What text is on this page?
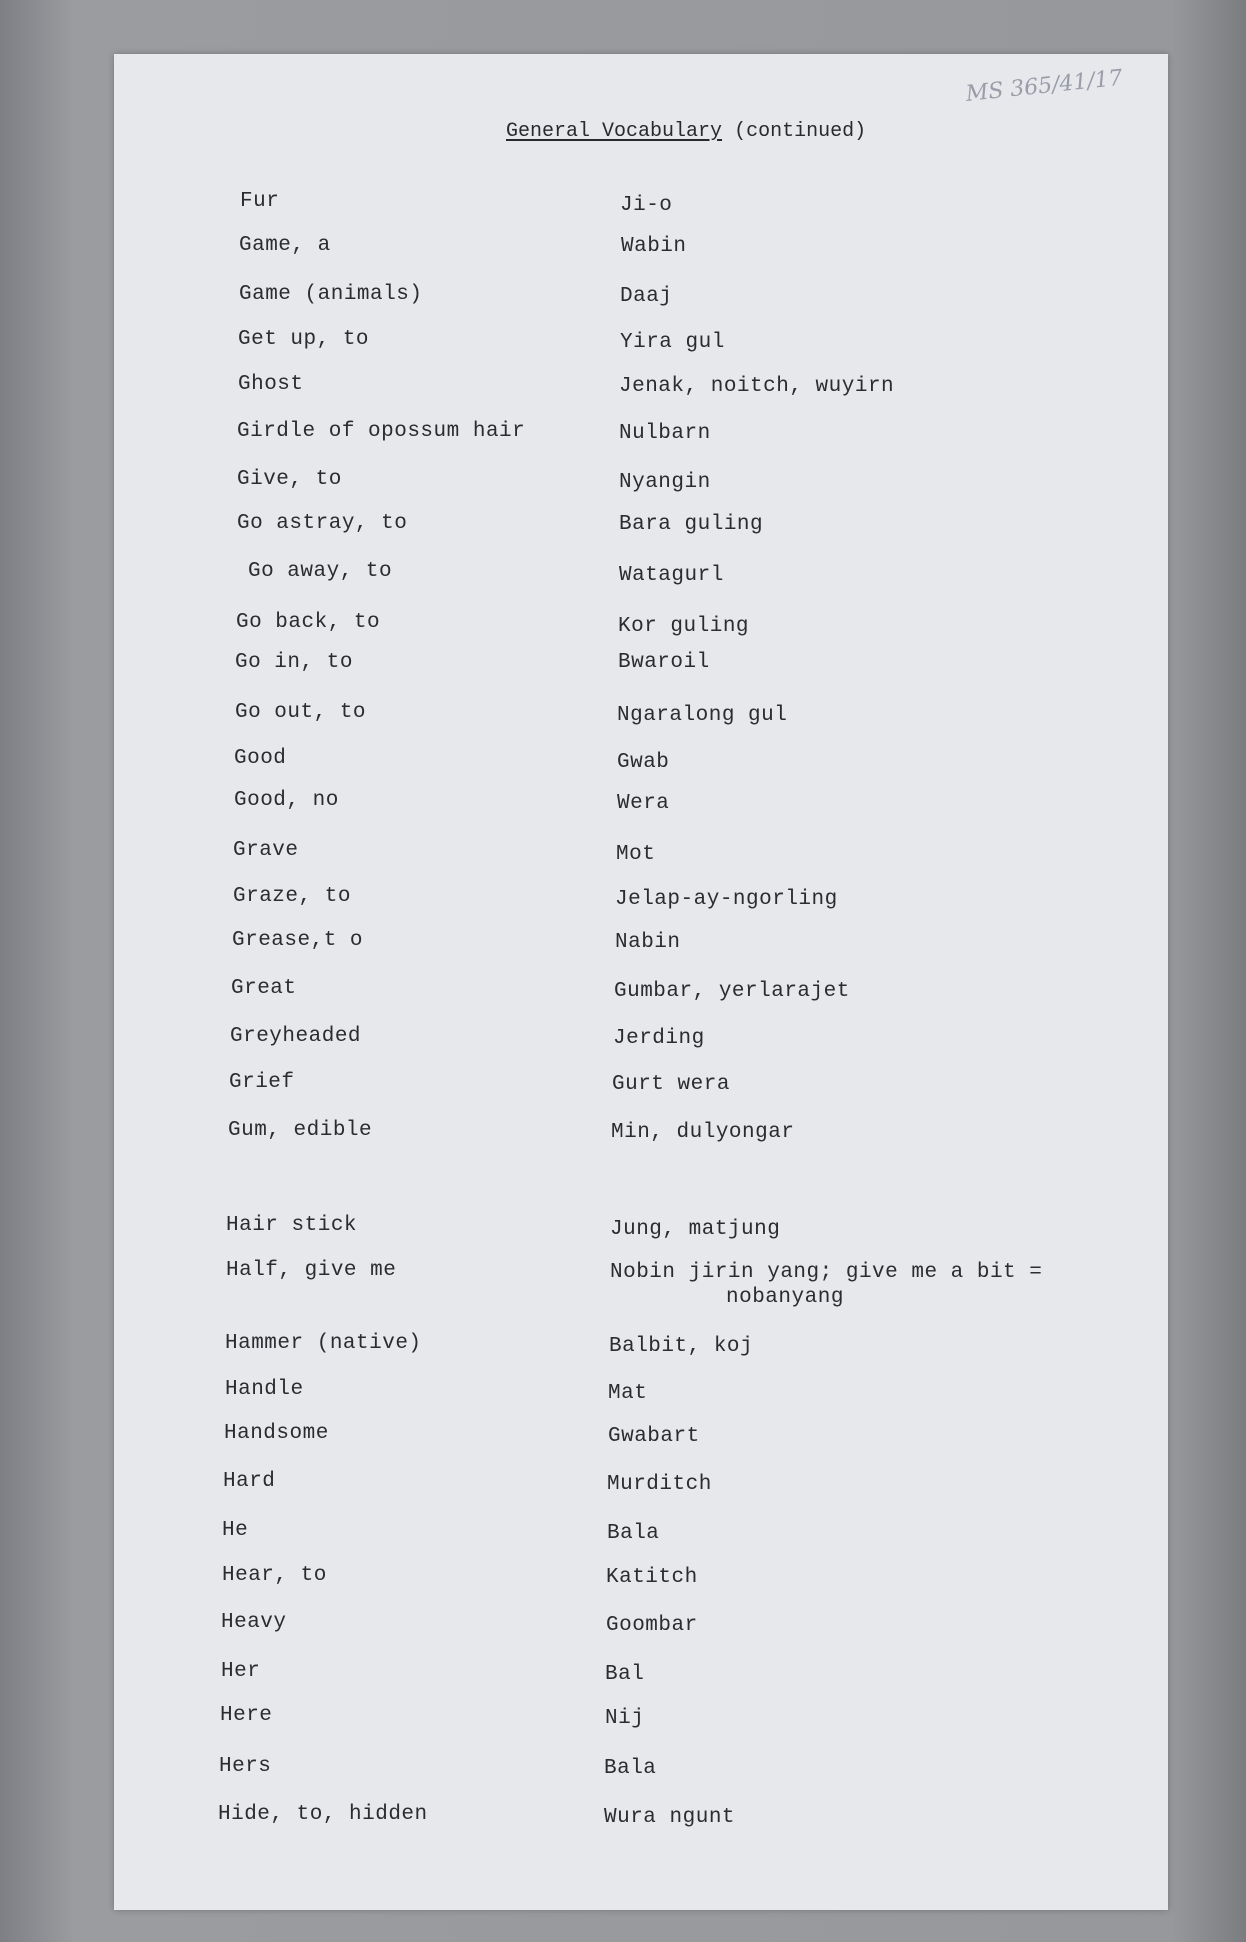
MS 365/41/17
General Vocabulary (continued)
Fur	Ji-o
Game, a	Wabin
Game (animals)	Daaj
Get up, to	Yira gul
Ghost	Jenak, noitch, wuyirn
Girdle of opossum hair	Nulbarn
Give, to	Nyangin
Go astray, to	Bara guling
Go away, to	Watagurl
Go back, to	Kor guling
Go in, to	Bwaroil
Go out, to	Ngaralong gul
Good	Gwab
Good, no	Wera
Grave	Mot
Graze, to	Jelap-ay-ngorling
Grease,t o	Nabin
Great	Gumbar, yerlarajet
Greyheaded	Jerding
Grief	Gurt wera
Gum, edible	Min, dulyongar
Hair stick	Jung, matjung
Half, give me	Nobin jirin yang; give me a bit =
nobanyang
Hammer (native)	Balbit, koj
Handle	Mat
Handsome	Gwabart
Hard	Murditch
He	Bala
Hear, to	Katitch
Heavy	Goombar
Her	Bal
Here	Nij
Hers	Bala
Hide, to, hidden	Wura ngunt
